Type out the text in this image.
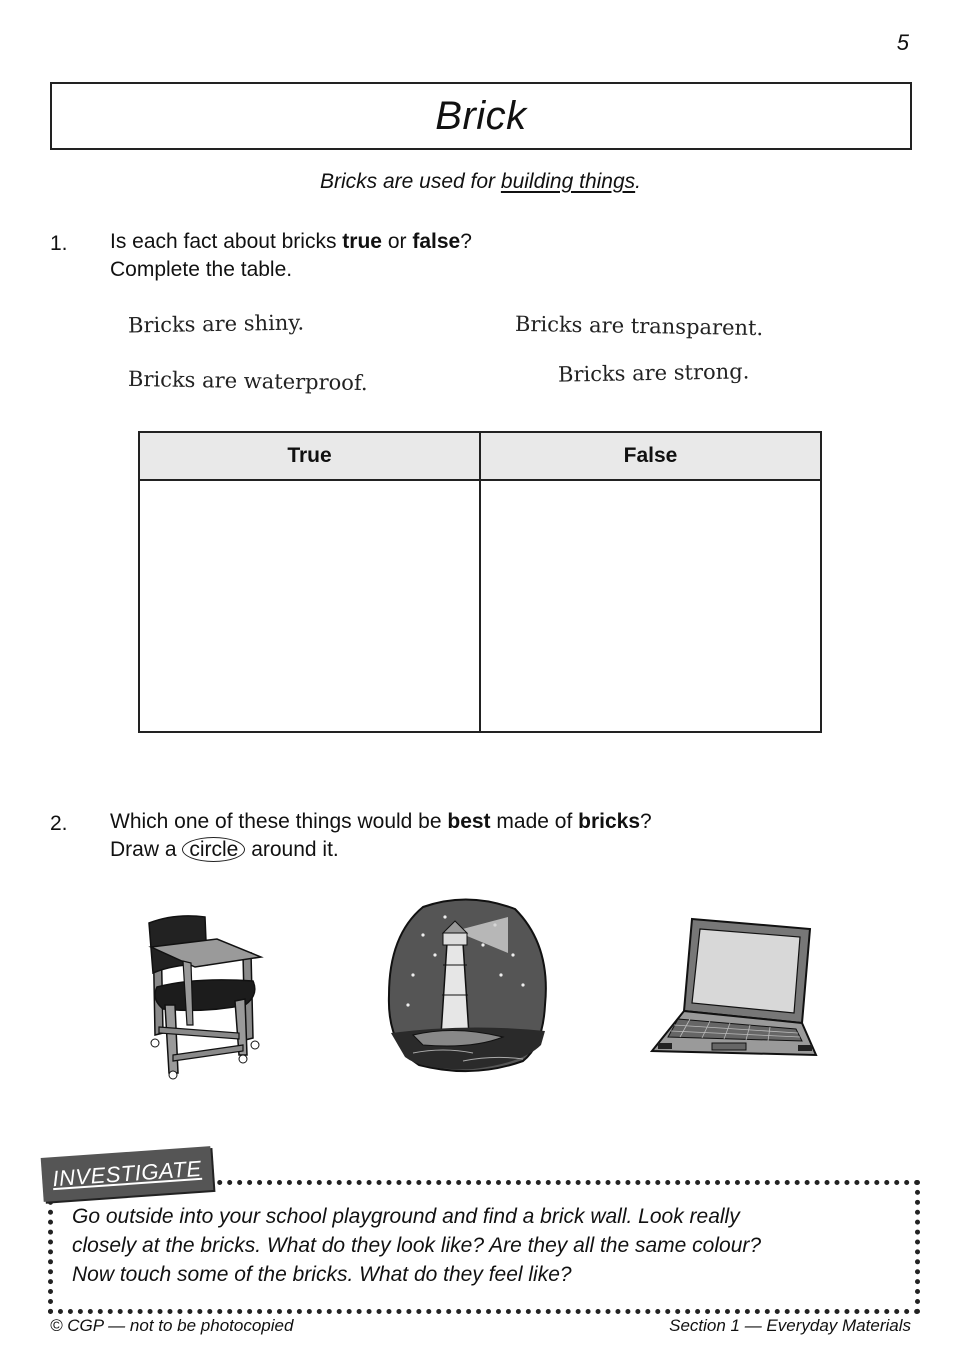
5
Brick
Bricks are used for building things.
1. Is each fact about bricks true or false?
Complete the table.
Bricks are shiny.	Bricks are transparent.
Bricks are waterproof.	Bricks are strong.
True	False

2. Which one of these things would be best made of bricks?
Draw a circle around it.
INVESTIGATE
Go outside into your school playground and find a brick wall. Look really
closely at the bricks. What do they look like? Are they all the same colour?
Now touch some of the bricks. What do they feel like?
© CGP — not to be photocopied	Section 1 — Everyday Materials
